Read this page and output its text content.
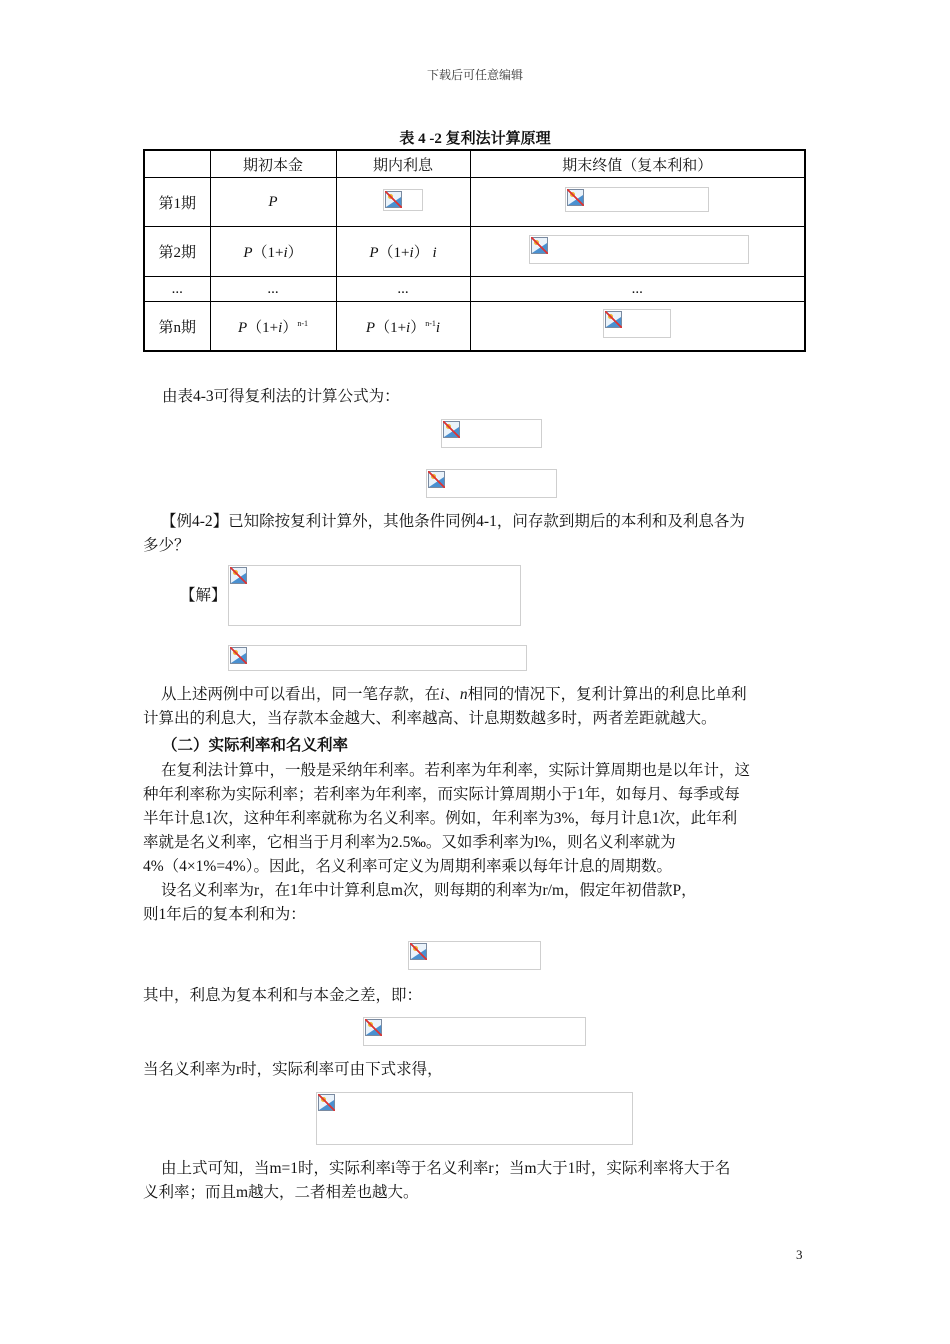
下载后可任意编辑
表 4 -2 复利法计算原理
	期初本金	期内利息	期末终值（复本利和）
第1期	P	

第2期	P（1+i）	P（1+i） i	

...	...	...	...
第n期	$P(1+i)^{n-1}$	$P(1+i)^{n-1}i$	
由表4-3可得复利法的计算公式为：
【例4-2】已知除按复利计算外，其他条件同例4-1，问存款到期后的本利和及利息各为
多少？
【解】
从上述两例中可以看出，同一笔存款，在i、n相同的情况下，复利计算出的利息比单利
计算出的利息大，当存款本金越大、利率越高、计息期数越多时，两者差距就越大。
（二）实际利率和名义利率
在复利法计算中，一般是采纳年利率。若利率为年利率，实际计算周期也是以年计，这
种年利率称为实际利率；若利率为年利率，而实际计算周期小于1年，如每月、每季或每
半年计息1次，这种年利率就称为名义利率。例如，年利率为3%，每月计息1次，此年利
率就是名义利率，它相当于月利率为2.5‰。又如季利率为l%，则名义利率就为
4%（4×1%=4%）。因此，名义利率可定义为周期利率乘以每年计息的周期数。
设名义利率为r，在1年中计算利息m次，则每期的利率为r/m，假定年初借款P，
则1年后的复本利和为：
其中，利息为复本利和与本金之差，即：
当名义利率为r时，实际利率可由下式求得，
由上式可知，当m=1时，实际利率i等于名义利率r；当m大于1时，实际利率将大于名
义利率；而且m越大，二者相差也越大。
3
